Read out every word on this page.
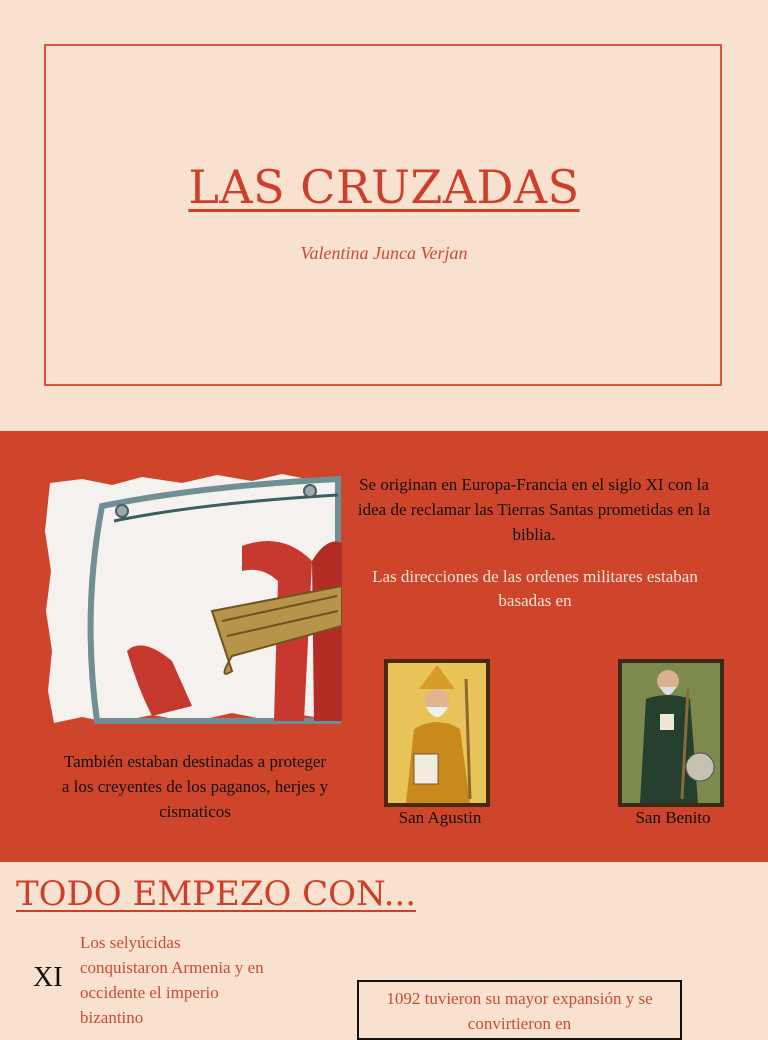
LAS CRUZADAS
Valentina Junca Verjan
Se originan en Europa-Francia en el siglo XI con la idea de reclamar las Tierras Santas prometidas en la biblia.
Las direcciones de las ordenes militares estaban basadas en
También estaban destinadas a proteger a los creyentes de los paganos, herjes y cismaticos	San Agustin	San Benito
TODO EMPEZO CON...
XI
Los selyúcidas conquistaron Armenia y en occidente el imperio bizantino
1092 tuvieron su mayor expansión y se convirtieron en
